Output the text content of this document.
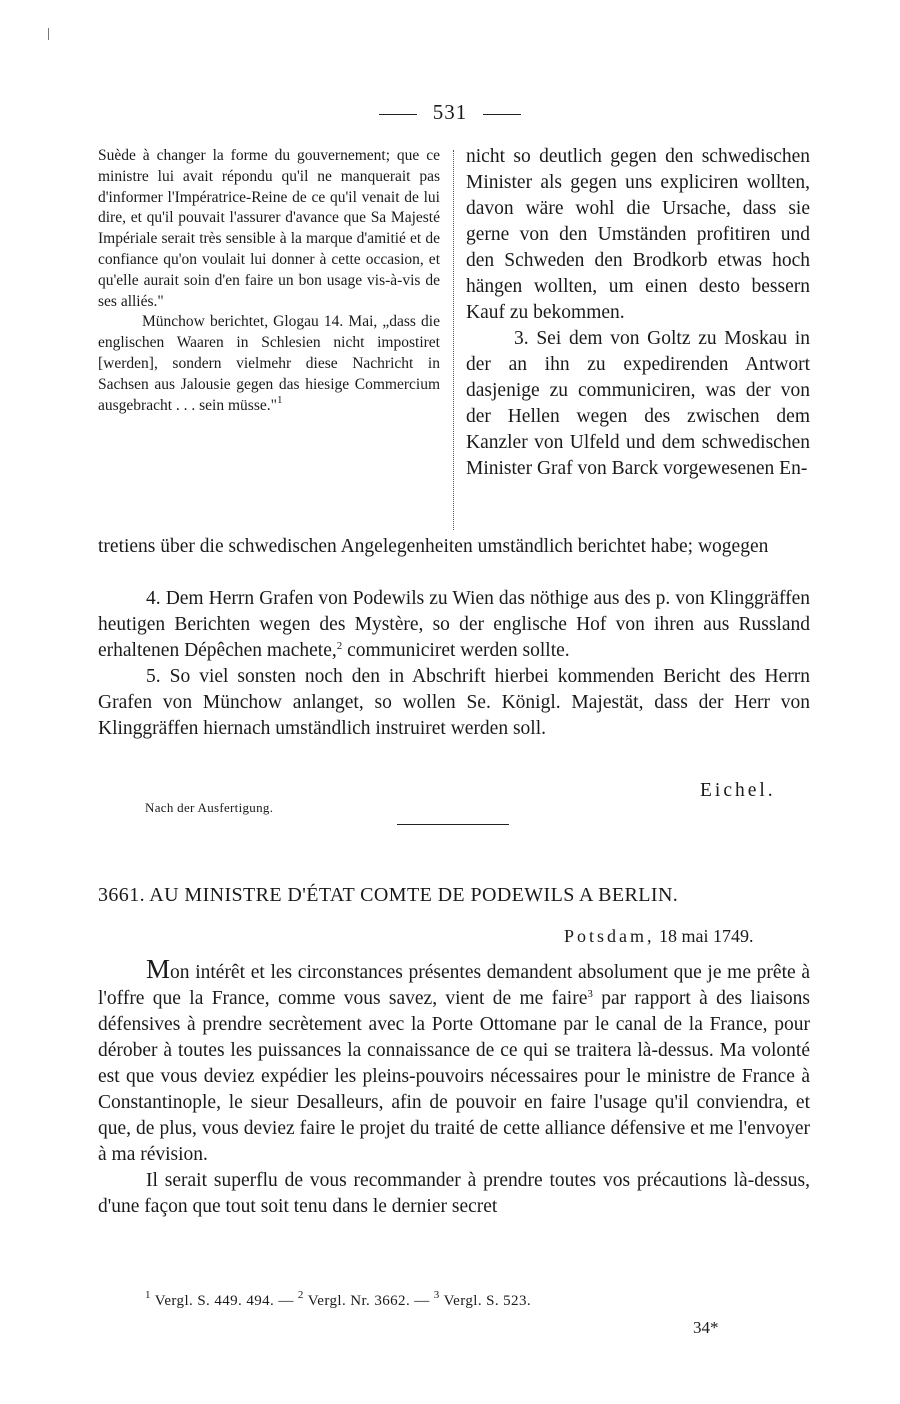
531

Suède à changer la forme du gouvernement; que ce ministre lui avait répondu qu'il ne manquerait pas d'informer l'Impératrice-Reine de ce qu'il venait de lui dire, et qu'il pouvait l'assurer d'avance que Sa Majesté Impériale serait très sensible à la marque d'amitié et de confiance qu'on voulait lui donner à cette occasion, et qu'elle aurait soin d'en faire un bon usage vis-à-vis de ses alliés."

Münchow berichtet, Glogau 14. Mai, „dass die englischen Waaren in Schlesien nicht impostiret [werden], sondern vielmehr diese Nachricht in Sachsen aus Jalousie gegen das hiesige Commercium ausgebracht . . . sein müsse."$^1$

nicht so deutlich gegen den schwedischen Minister als gegen uns expliciren wollten, davon wäre wohl die Ursache, dass sie gerne von den Umständen profitiren und den Schweden den Brodkorb etwas hoch hängen wollten, um einen desto bessern Kauf zu bekommen.

3. Sei dem von Goltz zu Moskau in der an ihn zu expedirenden Antwort dasjenige zu communiciren, was der von der Hellen wegen des zwischen dem Kanzler von Ulfeld und dem schwedischen Minister Graf von Barck vorgewesenen En-

tretiens über die schwedischen Angelegenheiten umständlich berichtet habe; wogegen

4. Dem Herrn Grafen von Podewils zu Wien das nöthige aus des p. von Klinggräffen heutigen Berichten wegen des Mystère, so der englische Hof von ihren aus Russland erhaltenen Dépêchen machete,$^2$ communiciret werden sollte.

5. So viel sonsten noch den in Abschrift hierbei kommenden Bericht des Herrn Grafen von Münchow anlanget, so wollen Se. Königl. Majestät, dass der Herr von Klinggräffen hiernach umständlich instruiret werden soll.

Eichel.
Nach der Ausfertigung.
3661. AU MINISTRE D'ÉTAT COMTE DE PODEWILS A BERLIN.
Potsdam, 18 mai 1749.

Mon intérêt et les circonstances présentes demandent absolument que je me prête à l'offre que la France, comme vous savez, vient de me faire$^3$ par rapport à des liaisons défensives à prendre secrètement avec la Porte Ottomane par le canal de la France, pour dérober à toutes les puissances la connaissance de ce qui se traitera là-dessus. Ma volonté est que vous deviez expédier les pleins-pouvoirs nécessaires pour le ministre de France à Constantinople, le sieur Desalleurs, afin de pouvoir en faire l'usage qu'il conviendra, et que, de plus, vous deviez faire le projet du traité de cette alliance défensive et me l'envoyer à ma révision.

Il serait superflu de vous recommander à prendre toutes vos précautions là-dessus, d'une façon que tout soit tenu dans le dernier secret

$^1$ Vergl. S. 449. 494. — $^2$ Vergl. Nr. 3662. — $^3$ Vergl. S. 523.
34*
